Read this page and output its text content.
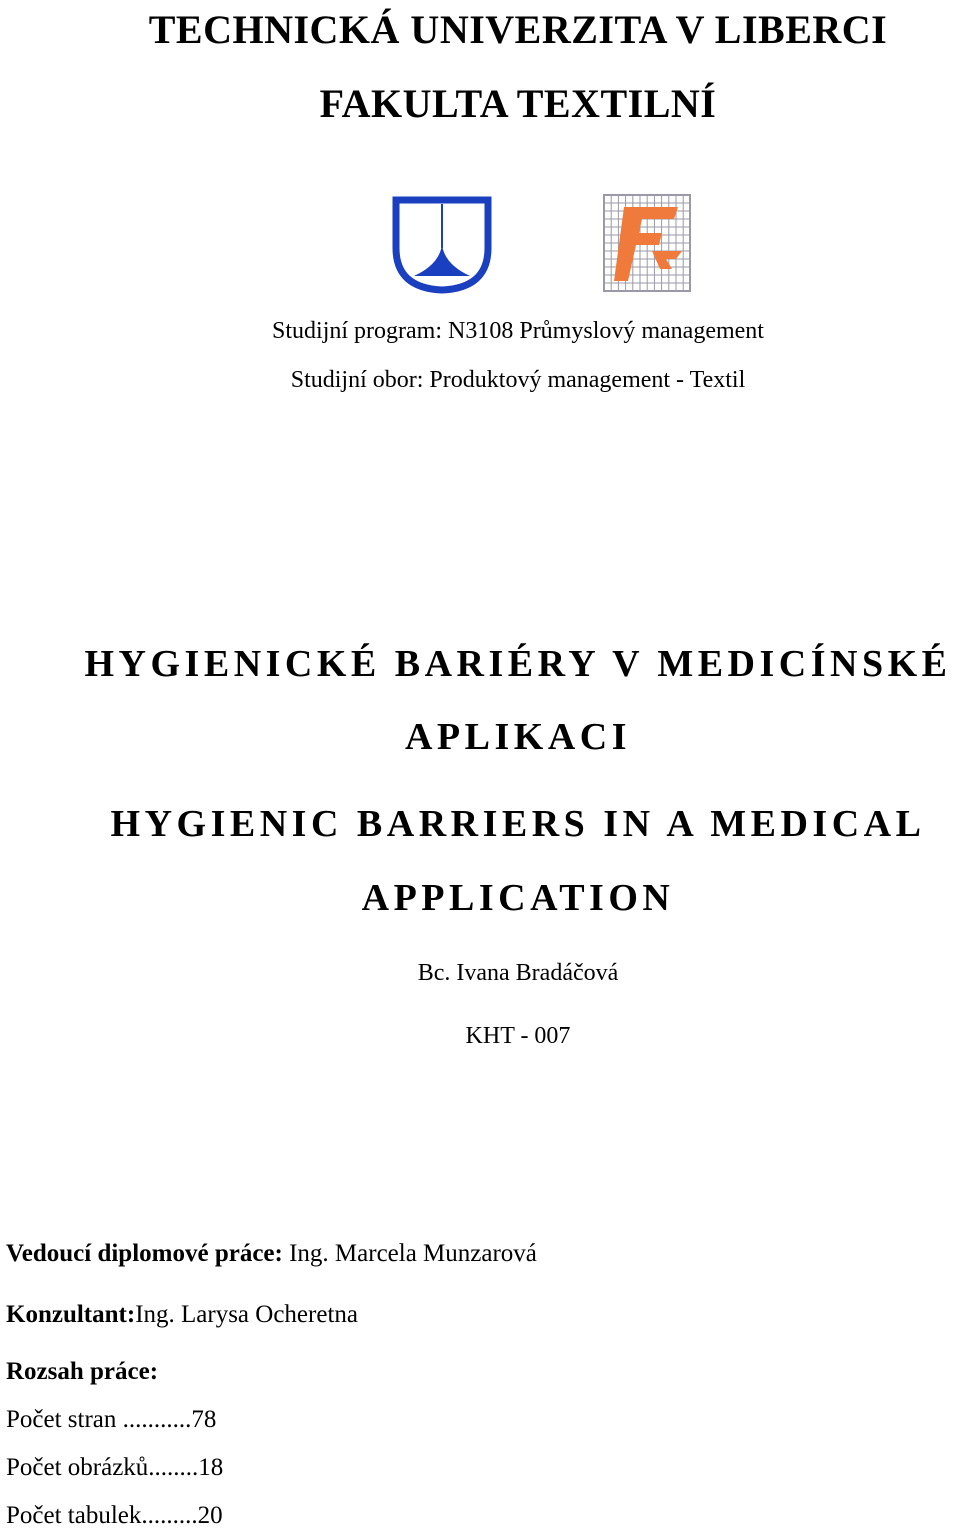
TECHNICKÁ UNIVERZITA V LIBERCI
FAKULTA TEXTILNÍ
Studijní program: N3108 Průmyslový management
Studijní obor: Produktový management - Textil
HYGIENICKÉ BARIÉRY V MEDICÍNSKÉ
APLIKACI
HYGIENIC BARRIERS IN A MEDICAL
APPLICATION
Bc. Ivana Bradáčová
KHT - 007
Vedoucí diplomové práce: Ing. Marcela Munzarová
Konzultant:Ing. Larysa Ocheretna
Rozsah práce:
Počet stran ...........78
Počet obrázků........18
Počet tabulek.........20
